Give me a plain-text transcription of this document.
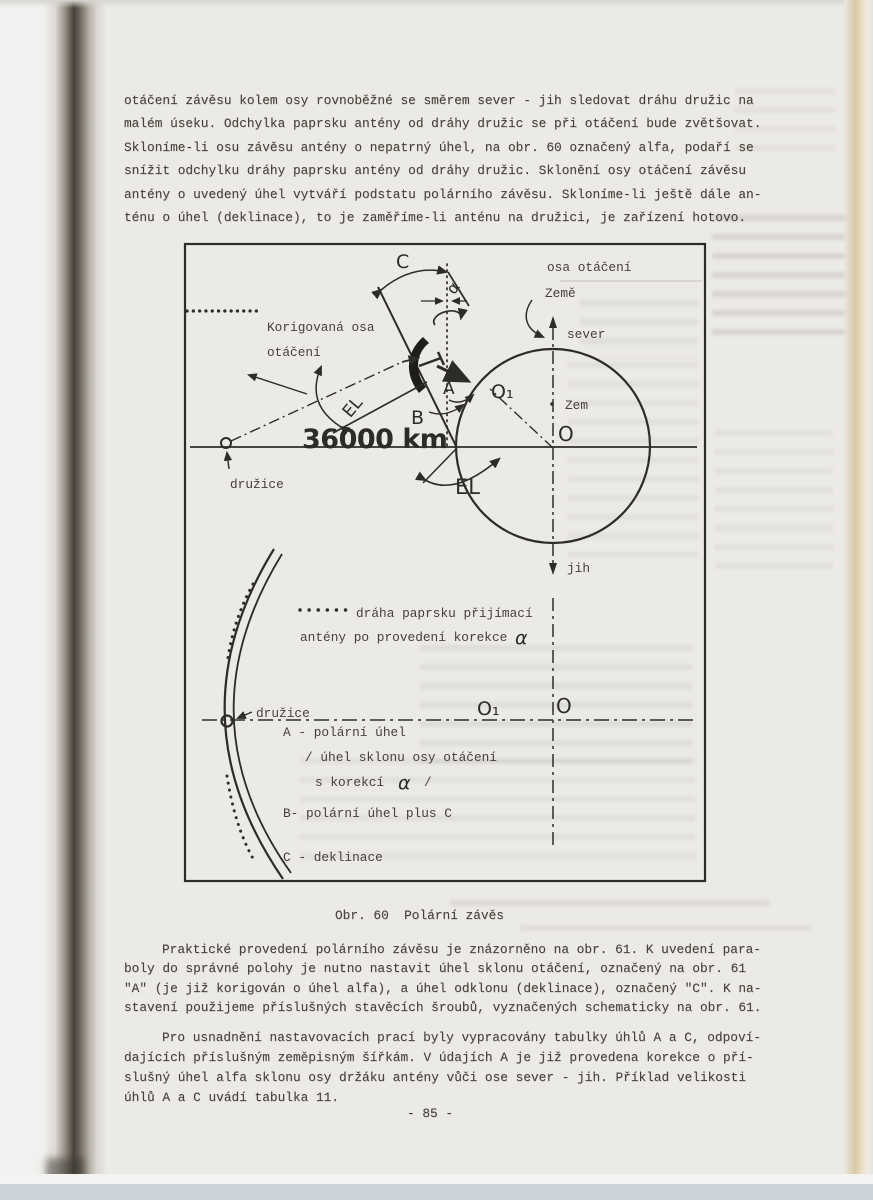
otáčení závěsu kolem osy rovnoběžné se směrem sever - jih sledovat dráhu družic na
malém úseku. Odchylka paprsku antény od dráhy družic se při otáčení bude zvětšovat.
Skloníme-li osu závěsu antény o nepatrný úhel, na obr. 60 označený alfa, podaří se
snížit odchylku dráhy paprsku antény od dráhy družic. Sklonění osy otáčení závěsu
antény o uvedený úhel vytváří podstatu polárního závěsu. Skloníme-li ještě dále an-
ténu o úhel (deklinace), to je zaměříme-li anténu na družici, je zařízení hotovo.
osa otáčení
Země
sever
jih
Zem
O
O₁
C
α
EL
A
B
EL
36000 km
družice
Korigovaná osa
otáčení
družice	O₁	O
dráha paprsku přijímací
antény po provedení korekce α
A - polární úhel
/ úhel sklonu osy otáčení
s korekcí α /
B- polární úhel plus C
C - deklinace
Obr. 60  Polární závěs
Praktické provedení polárního závěsu je znázorněno na obr. 61. K uvedení para-
boly do správné polohy je nutno nastavit úhel sklonu otáčení, označený na obr. 61
"A" (je již korigován o úhel alfa), a úhel odklonu (deklinace), označený "C". K na-
stavení použijeme příslušných stavěcích šroubů, vyznačených schematicky na obr. 61.
Pro usnadnění nastavovacích prací byly vypracovány tabulky úhlů A a C, odpoví-
dajících příslušným zeměpisným šířkám. V údajích A je již provedena korekce o pří-
slušný úhel alfa sklonu osy držáku antény vůči ose sever - jih. Příklad velikosti
úhlů A a C uvádí tabulka 11.
- 85 -
